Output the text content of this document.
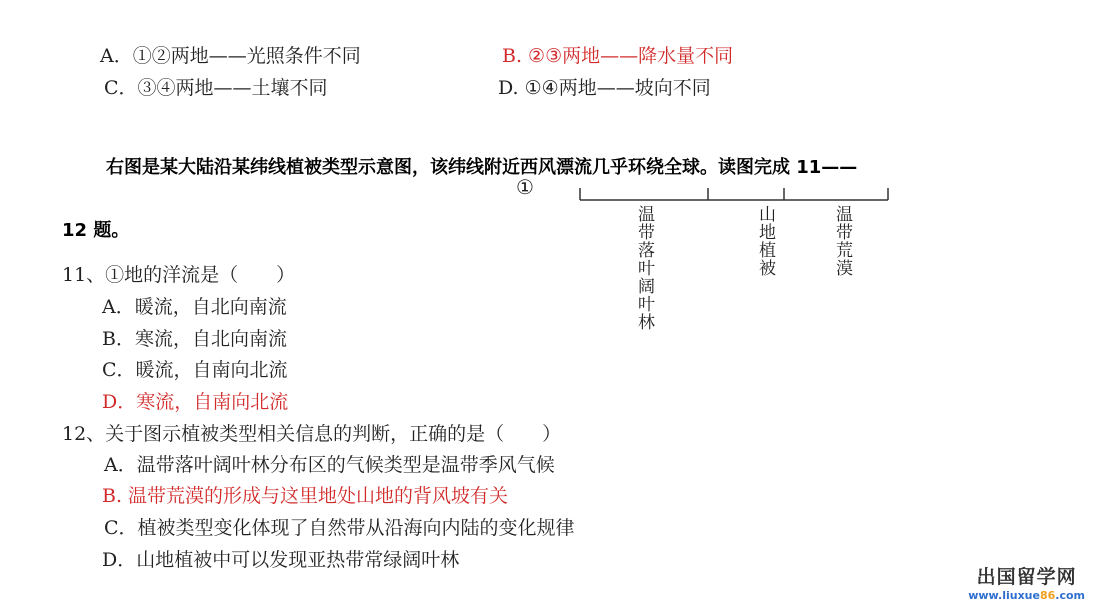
A．①②两地——光照条件不同	B. ②③两地——降水量不同
C．③④两地——土壤不同	D. ①④两地——坡向不同
右图是某大陆沿某纬线植被类型示意图，该纬线附近西风漂流几乎环绕全球。读图完成 11——
12 题。
①
温带落叶阔叶林	山地植被	温带荒漠
11、①地的洋流是（　　）
A．暖流，自北向南流
B．寒流，自北向南流
C．暖流，自南向北流
D．寒流，自南向北流
12、关于图示植被类型相关信息的判断，正确的是（　　）
A．温带落叶阔叶林分布区的气候类型是温带季风气候
B. 温带荒漠的形成与这里地处山地的背风坡有关
C．植被类型变化体现了自然带从沿海向内陆的变化规律
D．山地植被中可以发现亚热带常绿阔叶林
出国留学网
www.liuxue86.com
